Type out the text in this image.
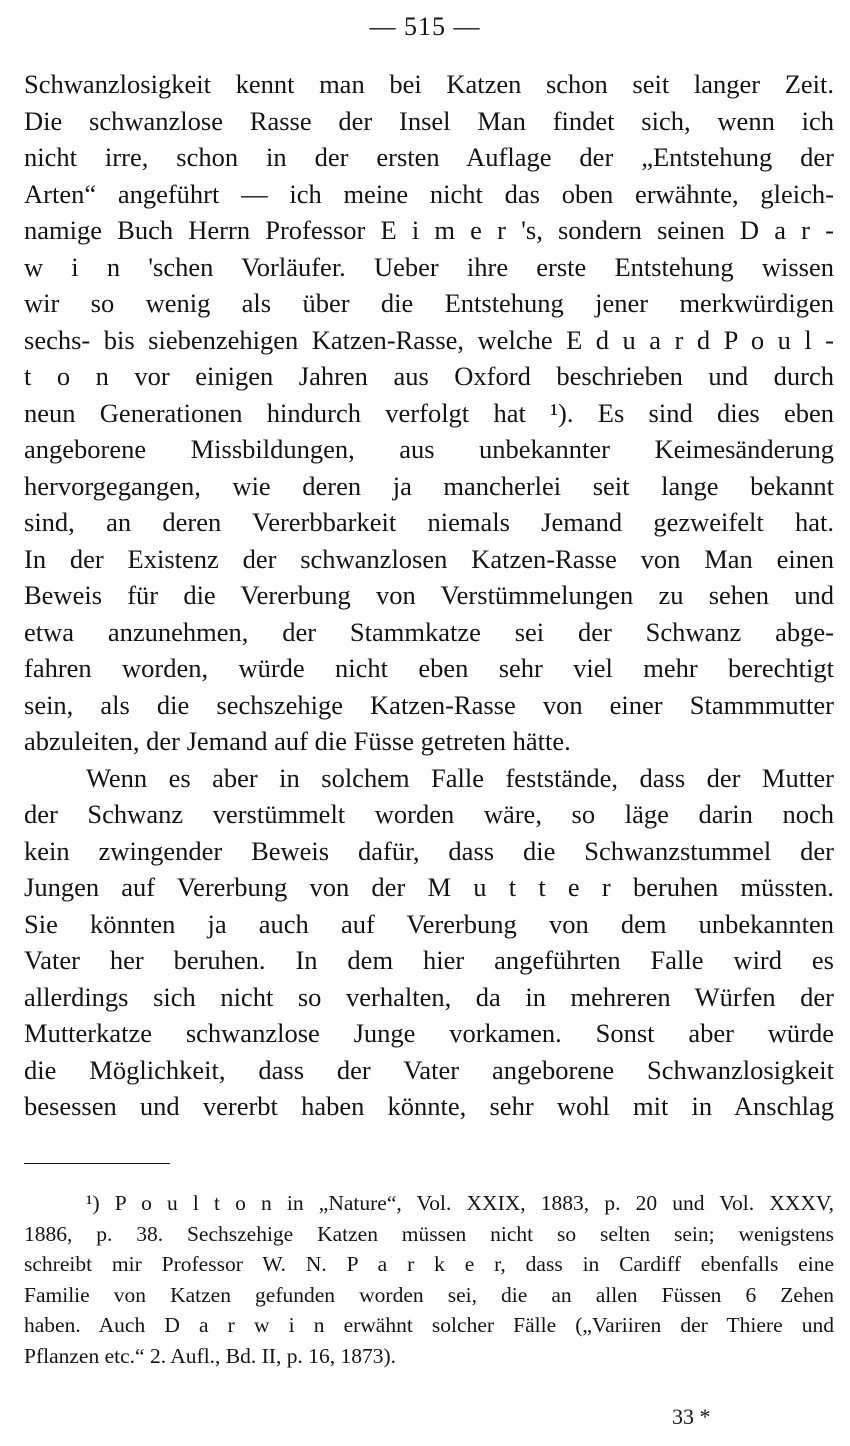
— 515 —
Schwanzlosigkeit kennt man bei Katzen schon seit langer Zeit.
Die schwanzlose Rasse der Insel Man findet sich, wenn ich
nicht irre, schon in der ersten Auflage der „Entstehung der
Arten“ angeführt — ich meine nicht das oben erwähnte, gleich-
namige Buch Herrn Professor E i m e r 's, sondern seinen D a r -
w i n 'schen Vorläufer. Ueber ihre erste Entstehung wissen
wir so wenig als über die Entstehung jener merkwürdigen
sechs- bis siebenzehigen Katzen-Rasse, welche E d u a r d P o u l -
t o n vor einigen Jahren aus Oxford beschrieben und durch
neun Generationen hindurch verfolgt hat ¹). Es sind dies eben
angeborene Missbildungen, aus unbekannter Keimesänderung
hervorgegangen, wie deren ja mancherlei seit lange bekannt
sind, an deren Vererbbarkeit niemals Jemand gezweifelt hat.
In der Existenz der schwanzlosen Katzen-Rasse von Man einen
Beweis für die Vererbung von Verstümmelungen zu sehen und
etwa anzunehmen, der Stammkatze sei der Schwanz abge-
fahren worden, würde nicht eben sehr viel mehr berechtigt
sein, als die sechszehige Katzen-Rasse von einer Stammmutter
abzuleiten, der Jemand auf die Füsse getreten hätte.
Wenn es aber in solchem Falle feststände, dass der Mutter
der Schwanz verstümmelt worden wäre, so läge darin noch
kein zwingender Beweis dafür, dass die Schwanzstummel der
Jungen auf Vererbung von der M u t t e r beruhen müssten.
Sie könnten ja auch auf Vererbung von dem unbekannten
Vater her beruhen. In dem hier angeführten Falle wird es
allerdings sich nicht so verhalten, da in mehreren Würfen der
Mutterkatze schwanzlose Junge vorkamen. Sonst aber würde
die Möglichkeit, dass der Vater angeborene Schwanzlosigkeit
besessen und vererbt haben könnte, sehr wohl mit in Anschlag
¹) P o u l t o n in „Nature“, Vol. XXIX, 1883, p. 20 und Vol. XXXV,
1886, p. 38. Sechszehige Katzen müssen nicht so selten sein; wenigstens
schreibt mir Professor W. N. P a r k e r, dass in Cardiff ebenfalls eine
Familie von Katzen gefunden worden sei, die an allen Füssen 6 Zehen
haben. Auch D a r w i n erwähnt solcher Fälle („Variiren der Thiere und
Pflanzen etc.“ 2. Aufl., Bd. II, p. 16, 1873).
33 *
